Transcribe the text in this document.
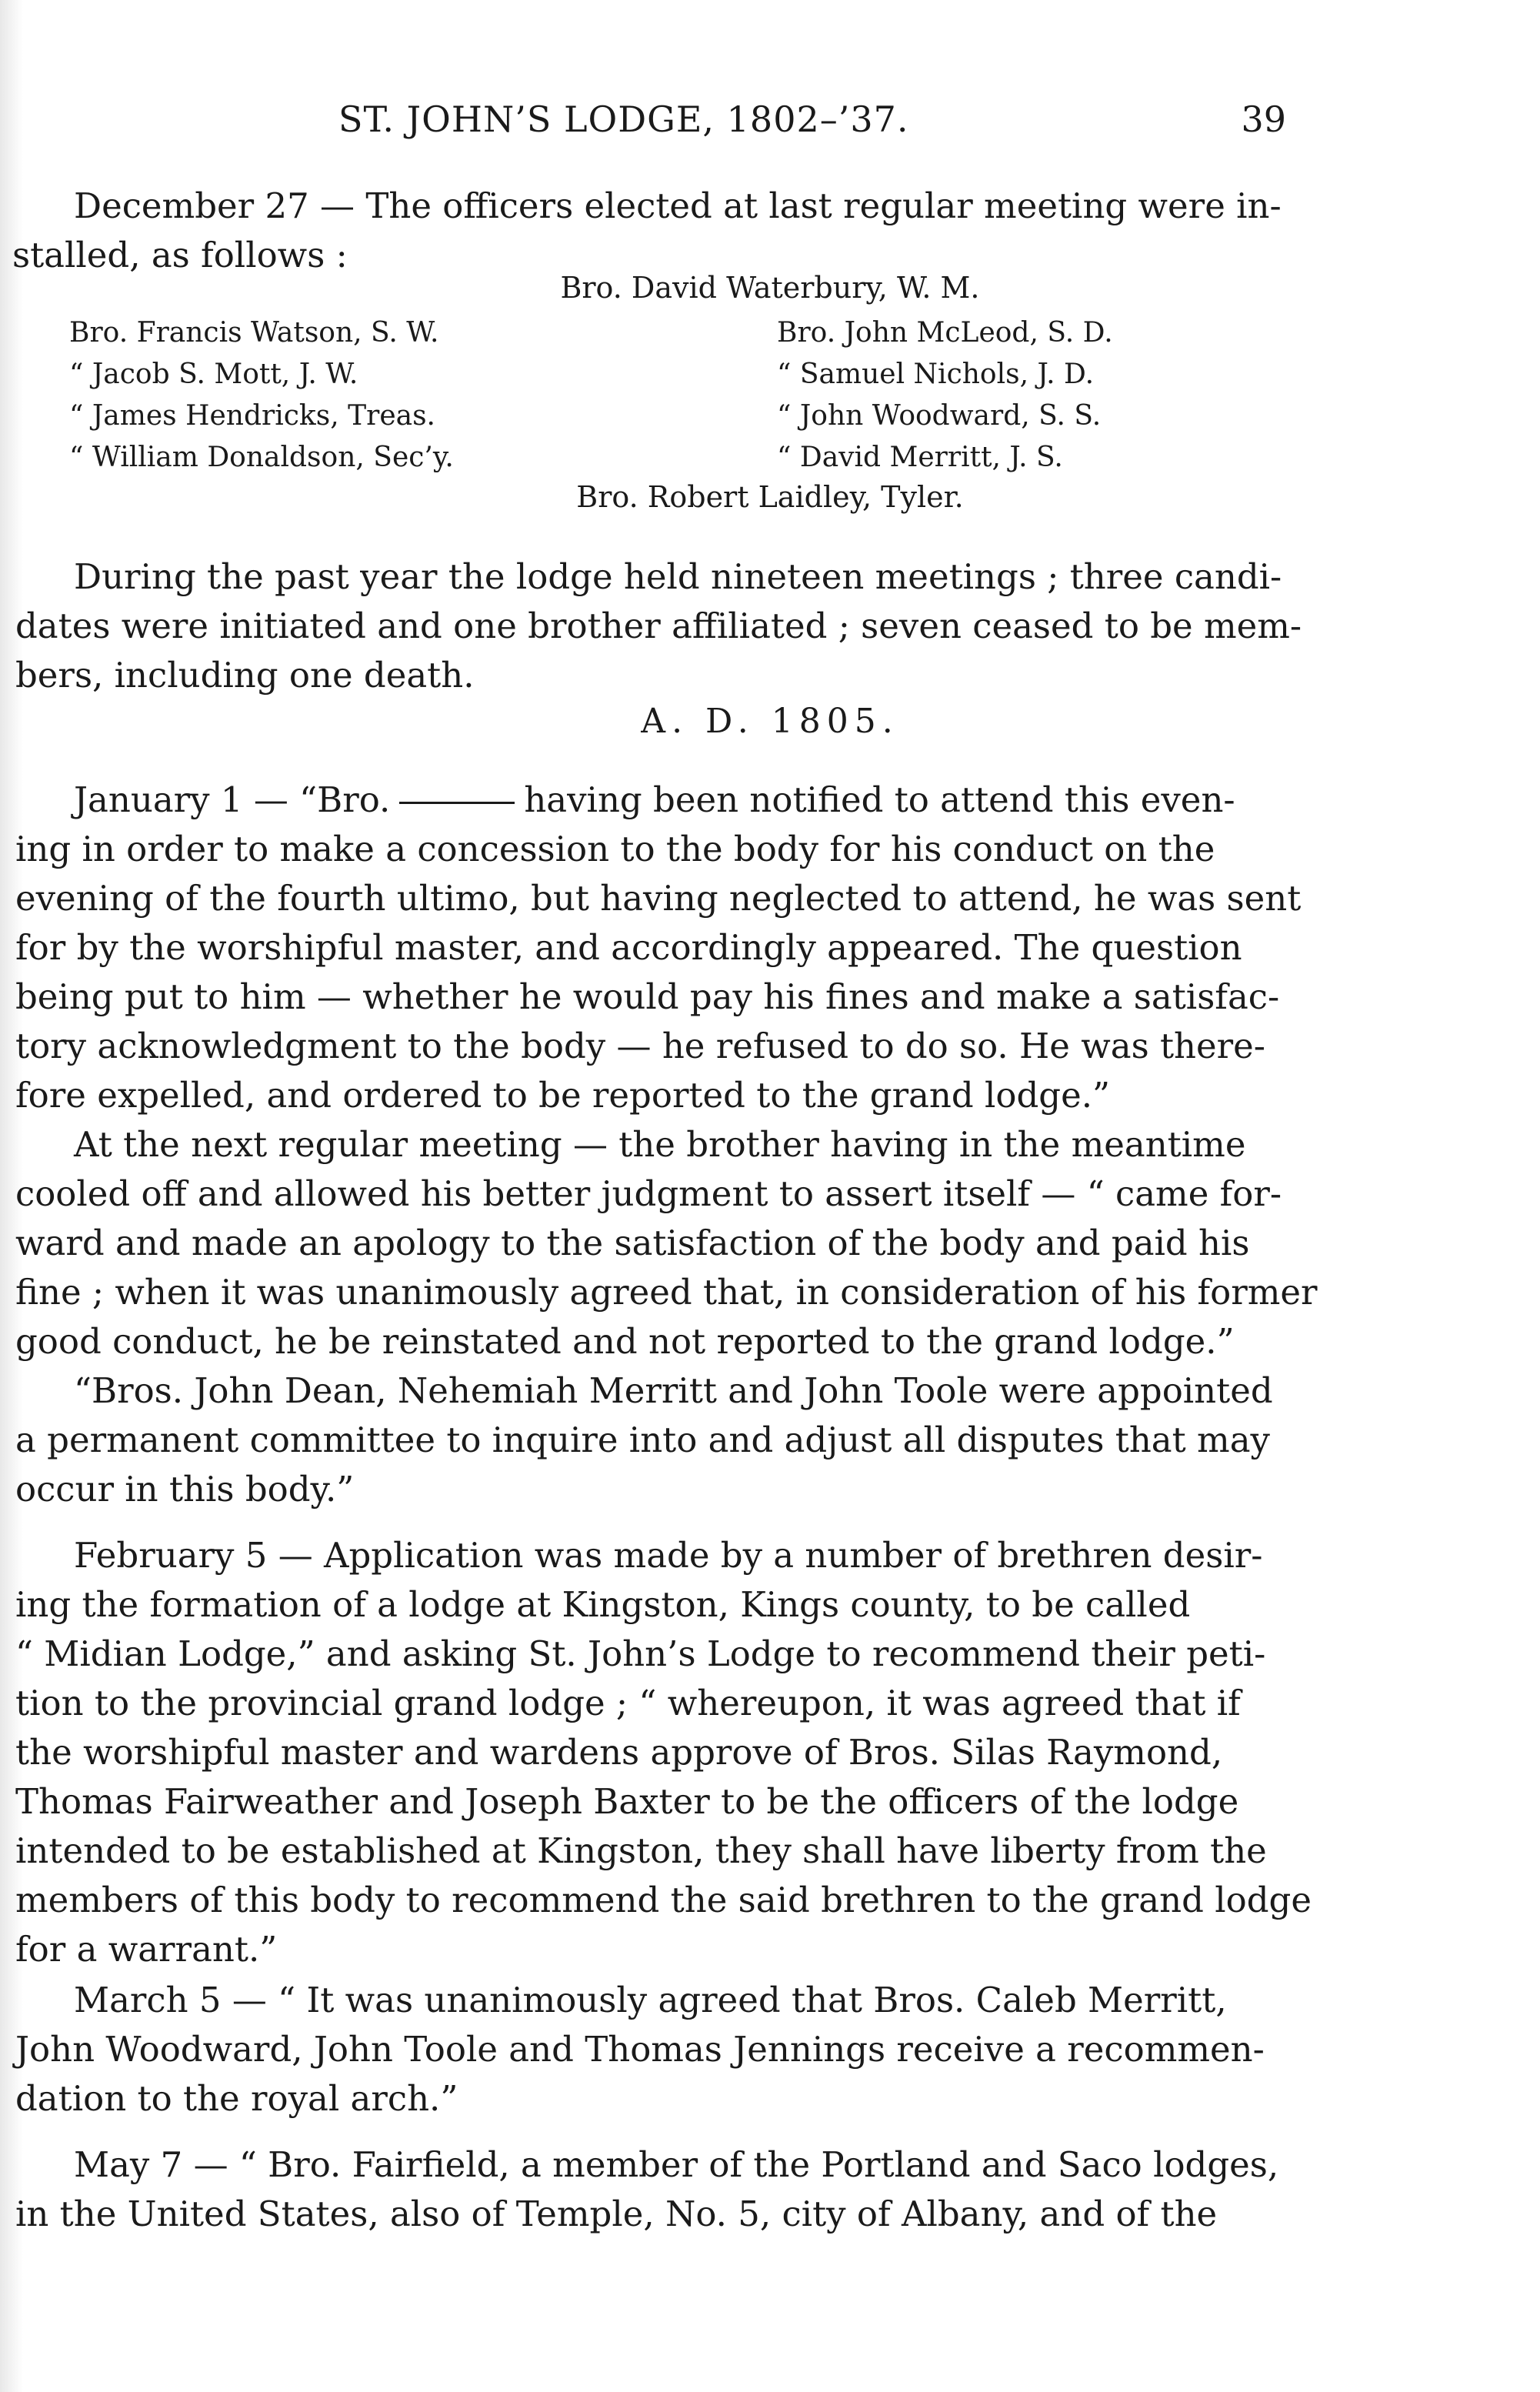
ST. JOHN’S LODGE, 1802–’37.	39
December 27 — The officers elected at last regular meeting were in-
stalled, as follows :
Bro. David Waterbury, W. M.
Bro. Francis Watson, S. W.
“ Jacob S. Mott, J. W.
“ James Hendricks, Treas.
“ William Donaldson, Sec’y.
Bro. John McLeod, S. D.
“ Samuel Nichols, J. D.
“ John Woodward, S. S.
“ David Merritt, J. S.
Bro. Robert Laidley, Tyler.
During the past year the lodge held nineteen meetings ; three candi-
dates were initiated and one brother affiliated ; seven ceased to be mem-
bers, including one death.
A. D. 1805.
January 1 — “Bro.	having been notified to attend this even-
ing in order to make a concession to the body for his conduct on the
evening of the fourth ultimo, but having neglected to attend, he was sent
for by the worshipful master, and accordingly appeared. The question
being put to him — whether he would pay his fines and make a satisfac-
tory acknowledgment to the body — he refused to do so. He was there-
fore expelled, and ordered to be reported to the grand lodge.”
At the next regular meeting — the brother having in the meantime
cooled off and allowed his better judgment to assert itself — “ came for-
ward and made an apology to the satisfaction of the body and paid his
fine ; when it was unanimously agreed that, in consideration of his former
good conduct, he be reinstated and not reported to the grand lodge.”
“Bros. John Dean, Nehemiah Merritt and John Toole were appointed
a permanent committee to inquire into and adjust all disputes that may
occur in this body.”
February 5 — Application was made by a number of brethren desir-
ing the formation of a lodge at Kingston, Kings county, to be called
“ Midian Lodge,” and asking St. John’s Lodge to recommend their peti-
tion to the provincial grand lodge ; “ whereupon, it was agreed that if
the worshipful master and wardens approve of Bros. Silas Raymond,
Thomas Fairweather and Joseph Baxter to be the officers of the lodge
intended to be established at Kingston, they shall have liberty from the
members of this body to recommend the said brethren to the grand lodge
for a warrant.”
March 5 — “ It was unanimously agreed that Bros. Caleb Merritt,
John Woodward, John Toole and Thomas Jennings receive a recommen-
dation to the royal arch.”
May 7 — “ Bro. Fairfield, a member of the Portland and Saco lodges,
in the United States, also of Temple, No. 5, city of Albany, and of the
